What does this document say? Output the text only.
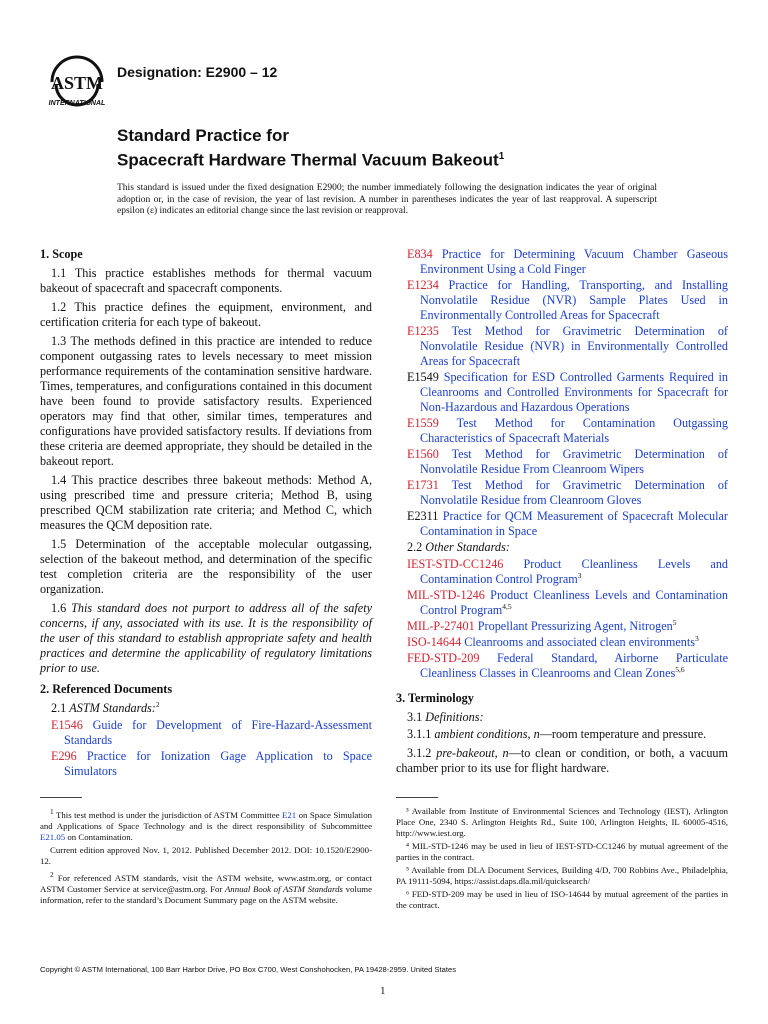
ASTM
INTERNATIONAL
Designation: E2900 – 12
Standard Practice for
Spacecraft Hardware Thermal Vacuum Bakeout$^1$
This standard is issued under the fixed designation E2900; the number immediately following the designation indicates the year of original adoption or, in the case of revision, the year of last revision. A number in parentheses indicates the year of last reapproval. A superscript epsilon (ε) indicates an editorial change since the last revision or reapproval.
1. Scope

1.1 This practice establishes methods for thermal vacuum bakeout of spacecraft and spacecraft components.

1.2 This practice defines the equipment, environment, and certification criteria for each type of bakeout.

1.3 The methods defined in this practice are intended to reduce component outgassing rates to levels necessary to meet mission performance requirements of the contamination sensitive hardware. Times, temperatures, and configurations contained in this document have been found to provide satisfactory results. Experienced operators may find that other, similar times, temperatures and configurations have provided satisfactory results. If deviations from these criteria are deemed appropriate, they should be detailed in the bakeout report.

1.4 This practice describes three bakeout methods: Method A, using prescribed time and pressure criteria; Method B, using prescribed QCM stabilization rate criteria; and Method C, which measures the QCM deposition rate.

1.5 Determination of the acceptable molecular outgassing, selection of the bakeout method, and determination of the specific test completion criteria are the responsibility of the user organization.

1.6 This standard does not purport to address all of the safety concerns, if any, associated with its use. It is the responsibility of the user of this standard to establish appropriate safety and health practices and determine the applicability of regulatory limitations prior to use.

2. Referenced Documents
2.1 ASTM Standards:$^2$
E1546 Guide for Development of Fire-Hazard-Assessment Standards
E296 Practice for Ionization Gage Application to Space Simulators
E834 Practice for Determining Vacuum Chamber Gaseous Environment Using a Cold Finger
E1234 Practice for Handling, Transporting, and Installing Nonvolatile Residue (NVR) Sample Plates Used in Environmentally Controlled Areas for Spacecraft
E1235 Test Method for Gravimetric Determination of Nonvolatile Residue (NVR) in Environmentally Controlled Areas for Spacecraft
E1549 Specification for ESD Controlled Garments Required in Cleanrooms and Controlled Environments for Spacecraft for Non-Hazardous and Hazardous Operations
E1559 Test Method for Contamination Outgassing Characteristics of Spacecraft Materials
E1560 Test Method for Gravimetric Determination of Nonvolatile Residue From Cleanroom Wipers
E1731 Test Method for Gravimetric Determination of Nonvolatile Residue from Cleanroom Gloves
E2311 Practice for QCM Measurement of Spacecraft Molecular Contamination in Space
2.2 Other Standards:
IEST-STD-CC1246 Product Cleanliness Levels and Contamination Control Program$^3$
MIL-STD-1246 Product Cleanliness Levels and Contamination Control Program$^{4,5}$
MIL-P-27401 Propellant Pressurizing Agent, Nitrogen$^5$
ISO-14644 Cleanrooms and associated clean environments$^3$
FED-STD-209 Federal Standard, Airborne Particulate Cleanliness Classes in Cleanrooms and Clean Zones$^{5,6}$
3. Terminology
3.1 Definitions:

3.1.1 ambient conditions, n—room temperature and pressure.

3.1.2 pre-bakeout, n—to clean or condition, or both, a vacuum chamber prior to its use for flight hardware.

$^1$ This test method is under the jurisdiction of ASTM Committee E21 on Space Simulation and Applications of Space Technology and is the direct responsibility of Subcommittee E21.05 on Contamination.

Current edition approved Nov. 1, 2012. Published December 2012. DOI: 10.1520/E2900-12.

$^2$ For referenced ASTM standards, visit the ASTM website, www.astm.org, or contact ASTM Customer Service at service@astm.org. For Annual Book of ASTM Standards volume information, refer to the standard’s Document Summary page on the ASTM website.

³ Available from Institute of Environmental Sciences and Technology (IEST), Arlington Place One, 2340 S. Arlington Heights Rd., Suite 100, Arlington Heights, IL 60005-4516, http://www.iest.org.

⁴ MIL-STD-1246 may be used in lieu of IEST-STD-CC1246 by mutual agreement of the parties in the contract.

⁵ Available from DLA Document Services, Building 4/D, 700 Robbins Ave., Philadelphia, PA 19111-5094, https://assist.daps.dla.mil/quicksearch/

⁶ FED-STD-209 may be used in lieu of ISO-14644 by mutual agreement of the parties in the contract.

Copyright © ASTM International, 100 Barr Harbor Drive, PO Box C700, West Conshohocken, PA 19428-2959. United States
1
